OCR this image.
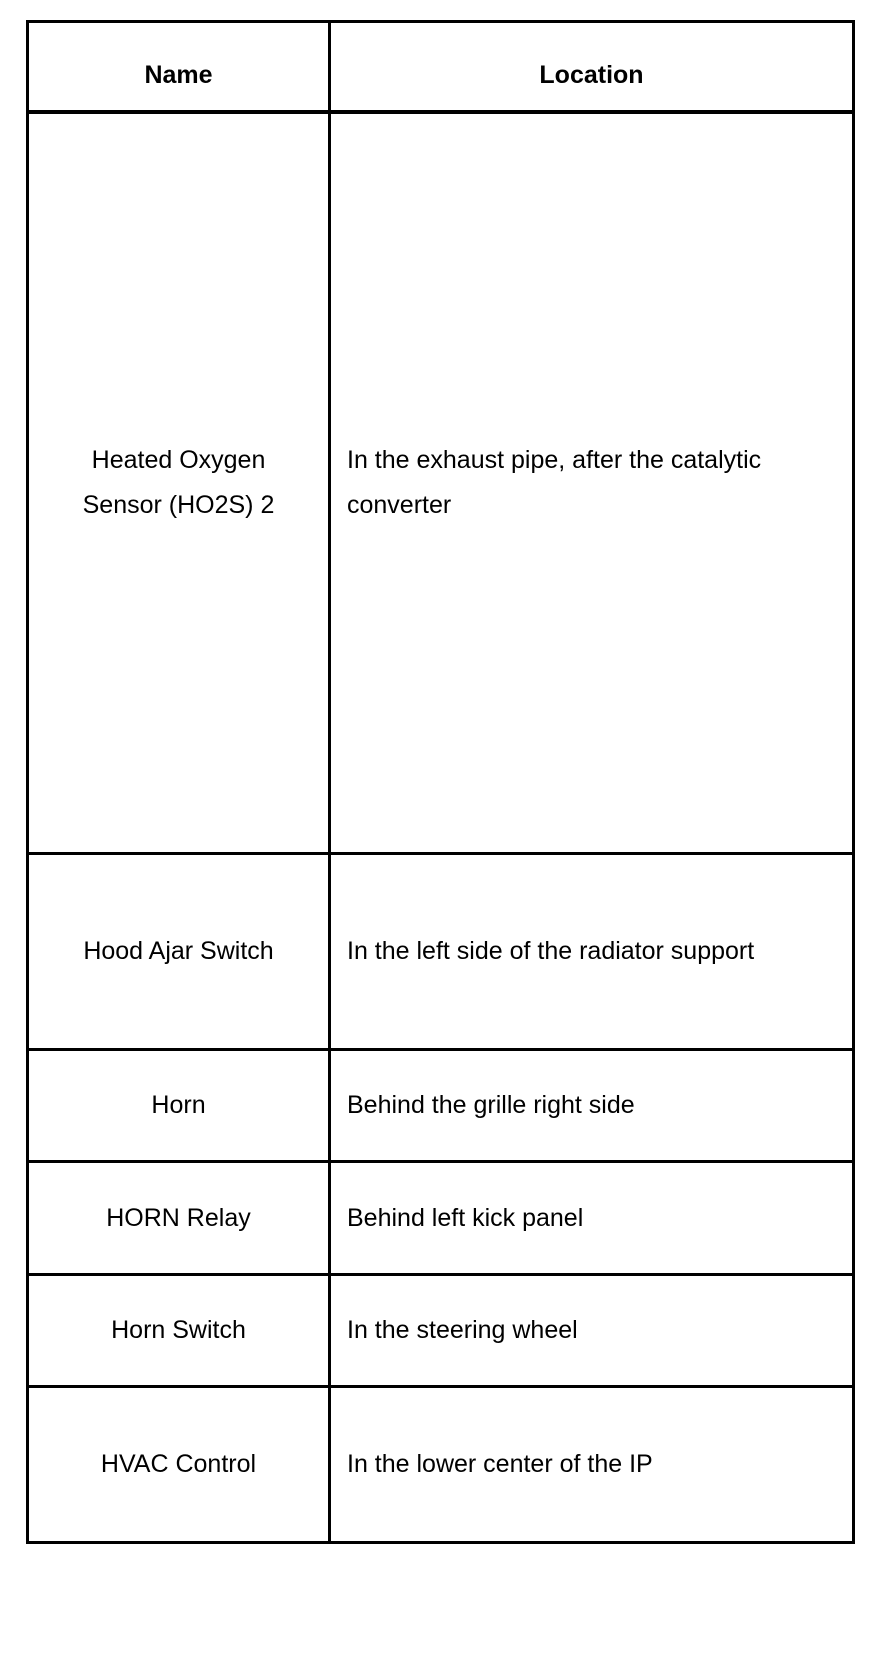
Name	Location
Heated Oxygen Sensor (HO2S) 2	In the exhaust pipe, after the catalytic converter
Hood Ajar Switch	In the left side of the radiator support
Horn	Behind the grille right side
HORN Relay	Behind left kick panel
Horn Switch	In the steering wheel
HVAC Control	In the lower center of the IP
